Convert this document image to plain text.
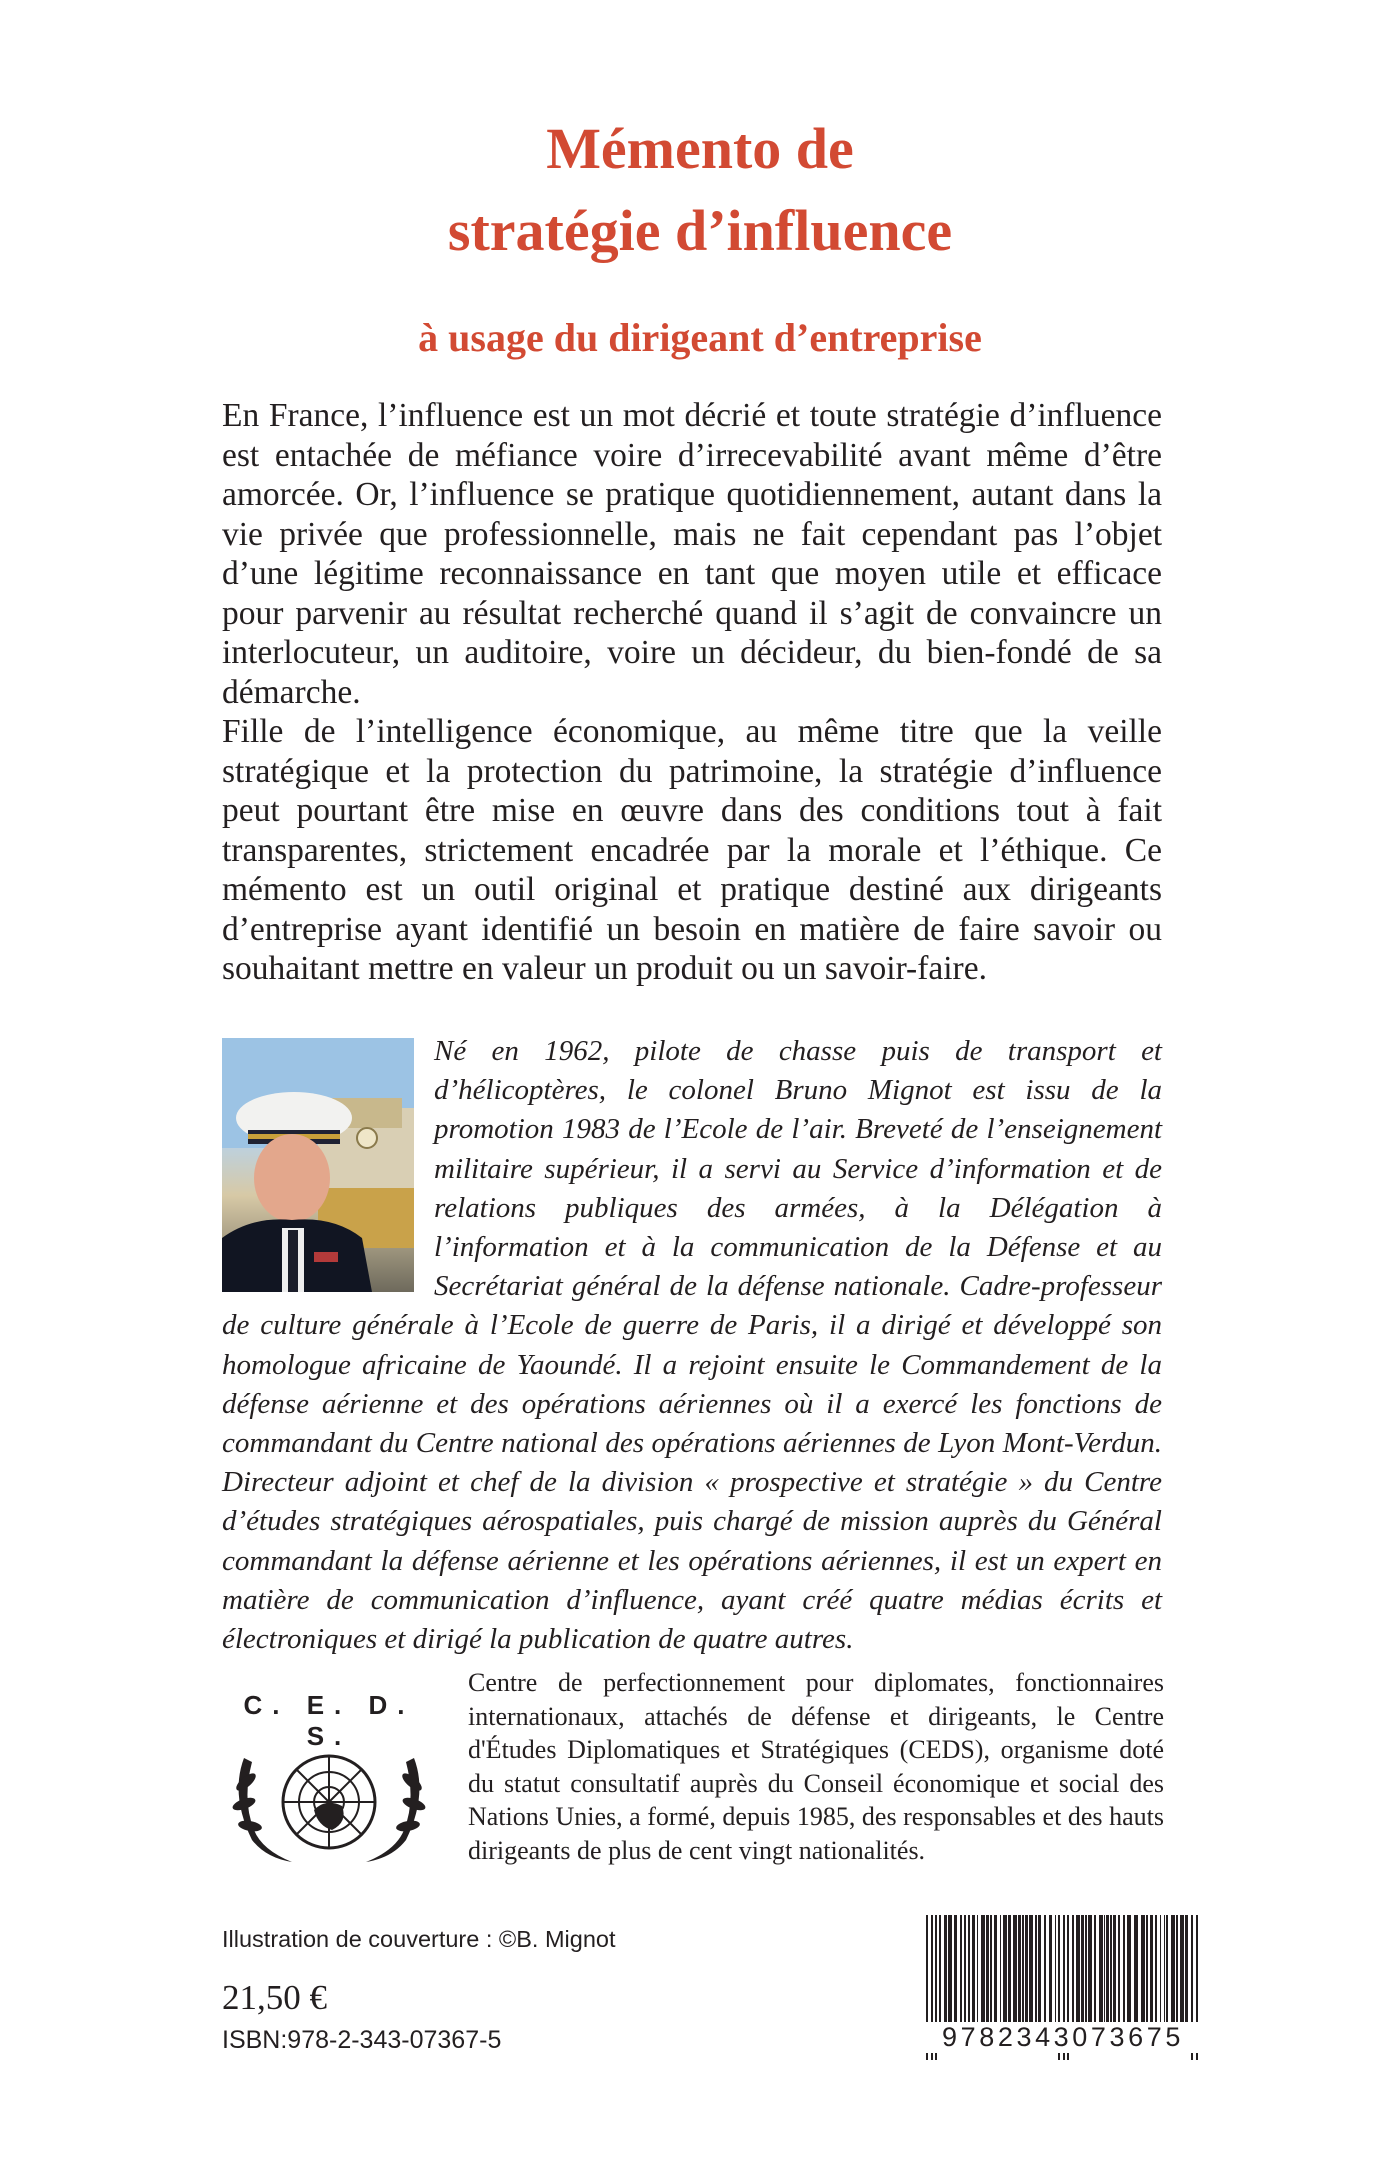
Mémento de
stratégie d’influence
à usage du dirigeant d’entreprise

En France, l’influence est un mot décrié et toute stratégie d’influence est entachée de méfiance voire d’irrecevabilité avant même d’être amorcée. Or, l’influence se pratique quotidiennement, autant dans la vie privée que professionnelle, mais ne fait cependant pas l’objet d’une légitime reconnaissance en tant que moyen utile et efficace pour parvenir au résultat recherché quand il s’agit de convaincre un interlocuteur, un auditoire, voire un décideur, du bien-fondé de sa démarche.

Fille de l’intelligence économique, au même titre que la veille stratégique et la protection du patrimoine, la stratégie d’influence peut pourtant être mise en œuvre dans des conditions tout à fait transparentes, strictement encadrée par la morale et l’éthique. Ce mémento est un outil original et pratique destiné aux dirigeants d’entreprise ayant identifié un besoin en matière de faire savoir ou souhaitant mettre en valeur un produit ou un savoir-faire.

Né en 1962, pilote de chasse puis de transport et d’hélicoptères, le colonel Bruno Mignot est issu de la promotion 1983 de l’Ecole de l’air. Breveté de l’enseignement militaire supérieur, il a servi au Service d’information et de relations publiques des armées, à la Délégation à l’information et à la communication de la Défense et au Secrétariat général de la défense nationale. Cadre-professeur de culture générale à l’Ecole de guerre de Paris, il a dirigé et développé son homologue africaine de Yaoundé. Il a rejoint ensuite le Commandement de la défense aérienne et des opérations aériennes où il a exercé les fonctions de commandant du Centre national des opérations aériennes de Lyon Mont-Verdun. Directeur adjoint et chef de la division « prospective et stratégie » du Centre d’études stratégiques aérospatiales, puis chargé de mission auprès du Général commandant la défense aérienne et les opérations aériennes, il est un expert en matière de communication d’influence, ayant créé quatre médias écrits et électroniques et dirigé la publication de quatre autres.
C. E. D. S.
Centre de perfectionnement pour diplomates, fonctionnaires internationaux, attachés de défense et dirigeants, le Centre d'Études Diplomatiques et Stratégiques (CEDS), organisme doté du statut consultatif auprès du Conseil économique et social des Nations Unies, a formé, depuis 1985, des responsables et des hauts dirigeants de plus de cent vingt nationalités.
Illustration de couverture : ©B. Mignot
21,50 €
ISBN:978-2-343-07367-5	9782343073675
